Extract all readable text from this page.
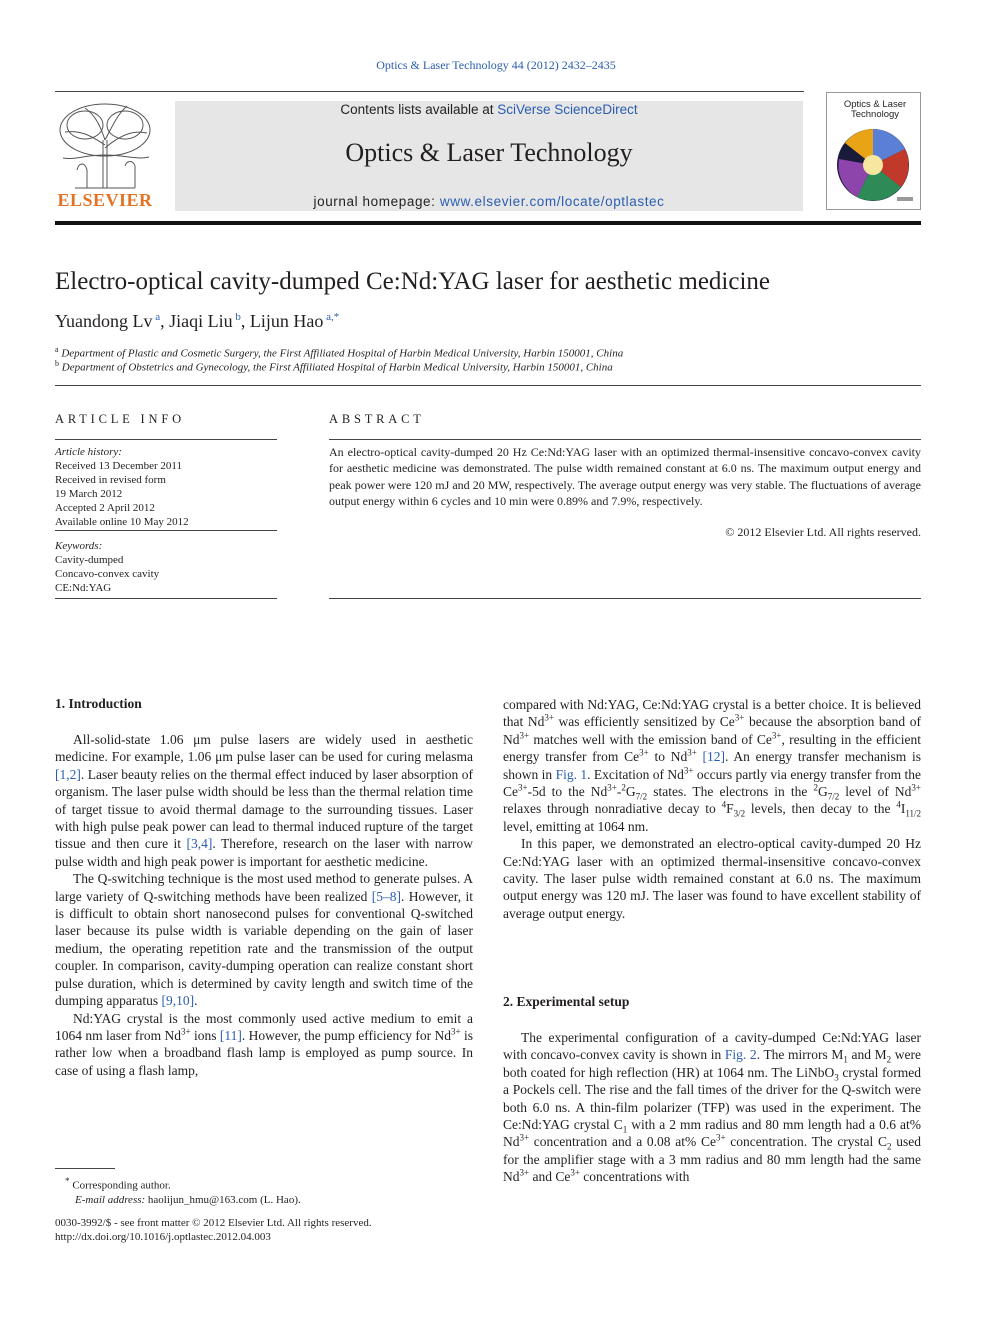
Optics & Laser Technology 44 (2012) 2432–2435
ELSEVIER
Contents lists available at SciVerse ScienceDirect
Optics & Laser Technology
journal homepage: www.elsevier.com/locate/optlastec
Optics & Laser
Technology
Electro-optical cavity-dumped Ce:Nd:YAG laser for aesthetic medicine
Yuandong Lv $^a$, Jiaqi Liu $^b$, Lijun Hao $^{a,*}$
$^a$ Department of Plastic and Cosmetic Surgery, the First Affiliated Hospital of Harbin Medical University, Harbin 150001, China
$^b$ Department of Obstetrics and Gynecology, the First Affiliated Hospital of Harbin Medical University, Harbin 150001, China
ARTICLE INFO
Article history:
Received 13 December 2011
Received in revised form
19 March 2012
Accepted 2 April 2012
Available online 10 May 2012
Keywords:
Cavity-dumped
Concavo-convex cavity
CE:Nd:YAG
ABSTRACT
An electro-optical cavity-dumped 20 Hz Ce:Nd:YAG laser with an optimized thermal-insensitive concavo-convex cavity for aesthetic medicine was demonstrated. The pulse width remained constant at 6.0 ns. The maximum output energy and peak power were 120 mJ and 20 MW, respectively. The average output energy was very stable. The fluctuations of average output energy within 6 cycles and 10 min were 0.89% and 7.9%, respectively.
© 2012 Elsevier Ltd. All rights reserved.
1. Introduction

All-solid-state 1.06 μm pulse lasers are widely used in aesthetic medicine. For example, 1.06 μm pulse laser can be used for curing melasma [1,2]. Laser beauty relies on the thermal effect induced by laser absorption of organism. The laser pulse width should be less than the thermal relation time of target tissue to avoid thermal damage to the surrounding tissues. Laser with high pulse peak power can lead to thermal induced rupture of the target tissue and then cure it [3,4]. Therefore, research on the laser with narrow pulse width and high peak power is important for aesthetic medicine.

The Q-switching technique is the most used method to generate pulses. A large variety of Q-switching methods have been realized [5–8]. However, it is difficult to obtain short nanosecond pulses for conventional Q-switched laser because its pulse width is variable depending on the gain of laser medium, the operating repetition rate and the transmission of the output coupler. In comparison, cavity-dumping operation can realize constant short pulse duration, which is determined by cavity length and switch time of the dumping apparatus [9,10].

Nd:YAG crystal is the most commonly used active medium to emit a 1064 nm laser from $Nd^{3+}$ ions [11]. However, the pump efficiency for $Nd^{3+}$ is rather low when a broadband flash lamp is employed as pump source. In case of using a flash lamp,

compared with Nd:YAG, Ce:Nd:YAG crystal is a better choice. It is believed that $Nd^{3+}$ was efficiently sensitized by $Ce^{3+}$ because the absorption band of $Nd^{3+}$ matches well with the emission band of $Ce^{3+}$, resulting in the efficient energy transfer from $Ce^{3+}$ to $Nd^{3+}$ [12]. An energy transfer mechanism is shown in Fig. 1. Excitation of $Nd^{3+}$ occurs partly via energy transfer from the $Ce^{3+}-5d$ to the $Nd^{3+}-^2G_{7/2}$ states. The electrons in the $^2G_{7/2}$ level of $Nd^{3+}$ relaxes through nonradiative decay to $^4F_{3/2}$ levels, then decay to the $^4I_{11/2}$ level, emitting at 1064 nm.

In this paper, we demonstrated an electro-optical cavity-dumped 20 Hz Ce:Nd:YAG laser with an optimized thermal-insensitive concavo-convex cavity. The laser pulse width remained constant at 6.0 ns. The maximum output energy was 120 mJ. The laser was found to have excellent stability of average output energy.

2. Experimental setup

The experimental configuration of a cavity-dumped Ce:Nd:YAG laser with concavo-convex cavity is shown in Fig. 2. The mirrors $M_1$ and $M_2$ were both coated for high reflection (HR) at 1064 nm. The LiNbO$_3$ crystal formed a Pockels cell. The rise and the fall times of the driver for the Q-switch were both 6.0 ns. A thin-film polarizer (TFP) was used in the experiment. The Ce:Nd:YAG crystal $C_1$ with a 2 mm radius and 80 mm length had a 0.6 at% $Nd^{3+}$ concentration and a 0.08 at% $Ce^{3+}$ concentration. The crystal $C_2$ used for the amplifier stage with a 3 mm radius and 80 mm length had the same $Nd^{3+}$ and $Ce^{3+}$ concentrations with

* Corresponding author.
E-mail address: haolijun_hmu@163.com (L. Hao).
0030-3992/$ - see front matter © 2012 Elsevier Ltd. All rights reserved.
http://dx.doi.org/10.1016/j.optlastec.2012.04.003
